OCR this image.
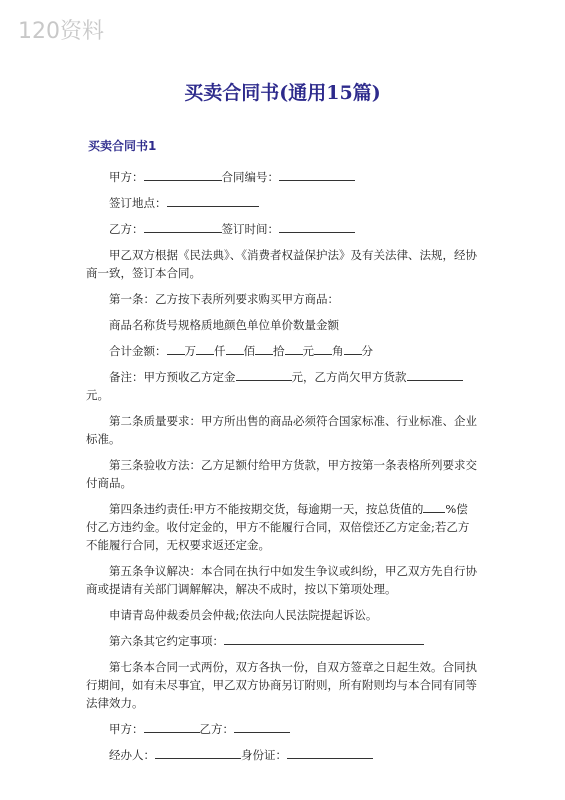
120资料
买卖合同书(通用15篇)
买卖合同书1

甲方：	合同编号：

签订地点：

乙方：	签订时间：

甲乙双方根据《民法典》、《消费者权益保护法》及有关法律、法规，经协商一致，签订本合同。

第一条：乙方按下表所列要求购买甲方商品：

商品名称货号规格质地颜色单位单价数量金额

合计金额： 万 仟 佰 拾 元 角 分

备注：甲方预收乙方定金	元，乙方尚欠甲方货款元。

第二条质量要求：甲方所出售的商品必须符合国家标准、行业标准、企业标准。

第三条验收方法：乙方足额付给甲方货款，甲方按第一条表格所列要求交付商品。

第四条违约责任:甲方不能按期交货，每逾期一天，按总货值的 %偿付乙方违约金。收付定金的，甲方不能履行合同，双倍偿还乙方定金;若乙方不能履行合同，无权要求返还定金。

第五条争议解决：本合同在执行中如发生争议或纠纷，甲乙双方先自行协商或提请有关部门调解解决，解决不成时，按以下第项处理。

申请青岛仲裁委员会仲裁;依法向人民法院提起诉讼。

第六条其它约定事项：

第七条本合同一式两份，双方各执一份，自双方签章之日起生效。合同执行期间，如有未尽事宜，甲乙双方协商另订附则，所有附则均与本合同有同等法律效力。

甲方：	乙方：

经办人：	身份证：
